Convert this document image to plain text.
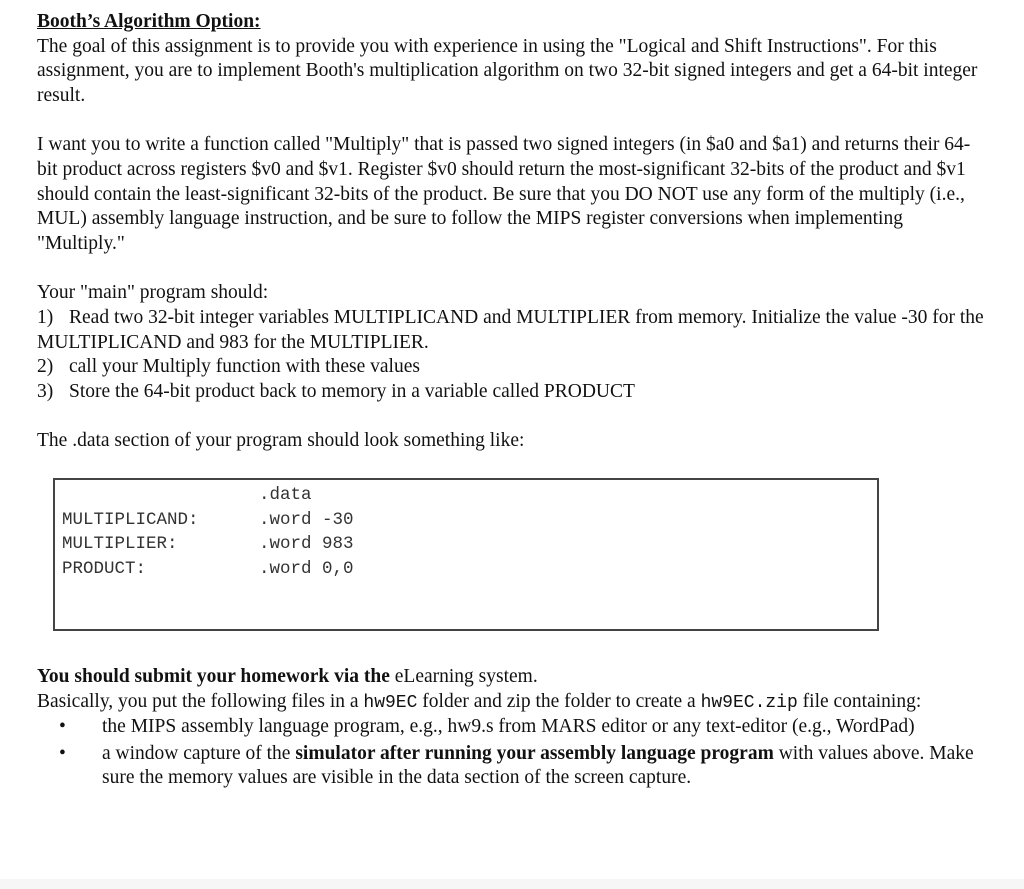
Booth’s Algorithm Option:

The goal of this assignment is to provide you with experience in using the "Logical and Shift Instructions". For this assignment, you are to implement Booth's multiplication algorithm on two 32-bit signed integers and get a 64-bit integer result.

I want you to write a function called "Multiply" that is passed two signed integers (in $a0 and $a1) and returns their 64-bit product across registers $v0 and $v1. Register $v0 should return the most-significant 32-bits of the product and $v1 should contain the least-significant 32-bits of the product. Be sure that you DO NOT use any form of the multiply (i.e., MUL) assembly language instruction, and be sure to follow the MIPS register conversions when implementing "Multiply."

Your "main" program should:

1) Read two 32-bit integer variables MULTIPLICAND and MULTIPLIER from memory. Initialize the value -30 for the MULTIPLICAND and 983 for the MULTIPLIER.
2) call your Multiply function with these values
3) Store the 64-bit product back to memory in a variable called PRODUCT

The .data section of your program should look something like:

.data
MULTIPLICAND:	.word -30
MULTIPLIER:	.word 983
PRODUCT:	.word 0,0

You should submit your homework via the eLearning system.

Basically, you put the following files in a hw9EC folder and zip the folder to create a hw9EC.zip file containing:

• the MIPS assembly language program, e.g., hw9.s from MARS editor or any text-editor (e.g., WordPad)
• a window capture of the simulator after running your assembly language program with values above. Make sure the memory values are visible in the data section of the screen capture.
